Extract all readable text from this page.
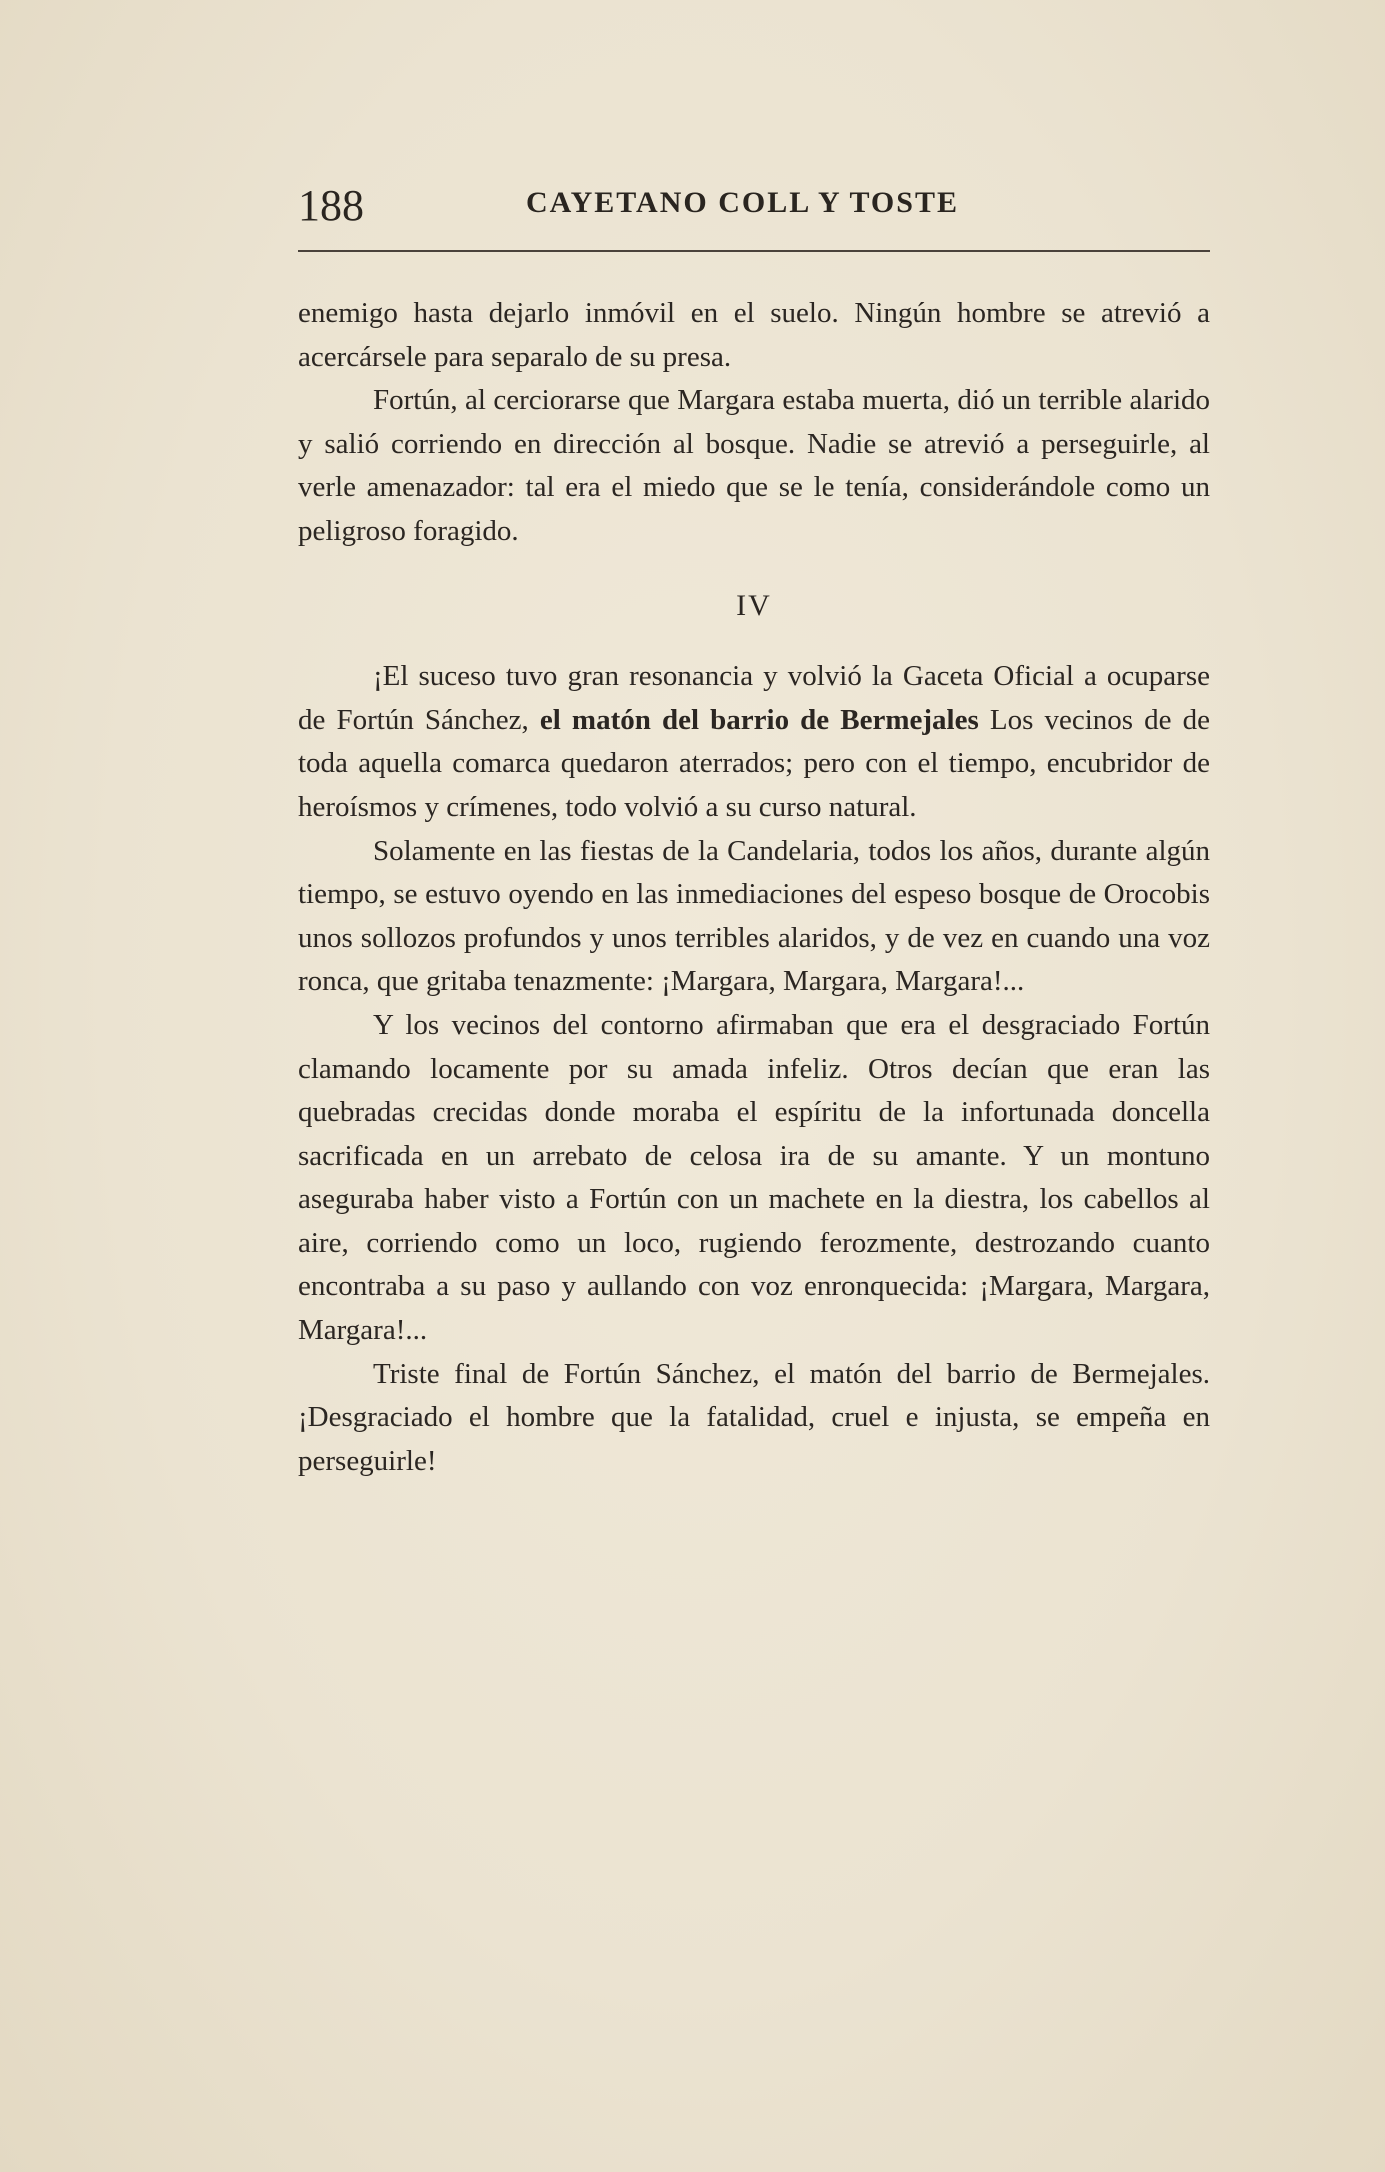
188	CAYETANO COLL Y TOSTE

enemigo hasta dejarlo inmóvil en el suelo. Ningún hombre se atrevió a acercársele para separalo de su presa.

Fortún, al cerciorarse que Margara estaba muerta, dió un terrible alarido y salió corriendo en dirección al bosque. Nadie se atrevió a perseguirle, al verle amenazador: tal era el miedo que se le tenía, considerándole como un peligroso foragido.

IV

¡El suceso tuvo gran resonancia y volvió la Gaceta Oficial a ocuparse de Fortún Sánchez, el matón del barrio de Bermejales Los vecinos de de toda aquella comarca quedaron aterrados; pero con el tiempo, encubridor de heroísmos y crímenes, todo volvió a su curso natural.

Solamente en las fiestas de la Candelaria, todos los años, durante algún tiempo, se estuvo oyendo en las inmediaciones del espeso bosque de Orocobis unos sollozos profundos y unos terribles alaridos, y de vez en cuando una voz ronca, que gritaba tenazmente: ¡Margara, Margara, Margara!...

Y los vecinos del contorno afirmaban que era el desgraciado Fortún clamando locamente por su amada infeliz. Otros decían que eran las quebradas crecidas donde moraba el espíritu de la infortunada doncella sacrificada en un arrebato de celosa ira de su amante. Y un montuno aseguraba haber visto a Fortún con un machete en la diestra, los cabellos al aire, corriendo como un loco, rugiendo ferozmente, destrozando cuanto encontraba a su paso y aullando con voz enronquecida: ¡Margara, Margara, Margara!...

Triste final de Fortún Sánchez, el matón del barrio de Bermejales. ¡Desgraciado el hombre que la fatalidad, cruel e injusta, se empeña en perseguirle!
